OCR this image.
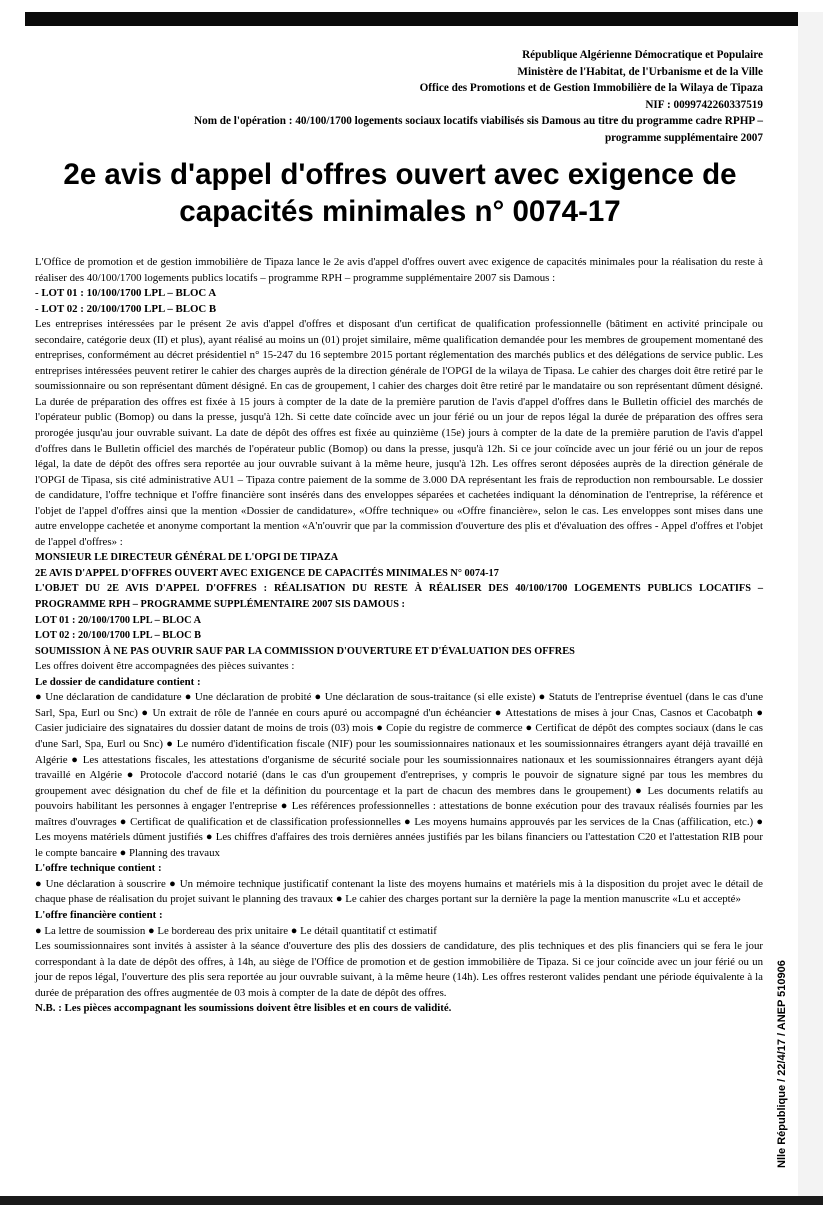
République Algérienne Démocratique et Populaire
Ministère de l'Habitat, de l'Urbanisme et de la Ville
Office des Promotions et de Gestion Immobilière de la Wilaya de Tipaza
NIF : 0099742260337519
Nom de l'opération : 40/100/1700 logements sociaux locatifs viabilisés sis Damous au titre du programme cadre RPHP – programme supplémentaire 2007
2e avis d'appel d'offres ouvert avec exigence de capacités minimales n° 0074-17

L'Office de promotion et de gestion immobilière de Tipaza lance le 2e avis d'appel d'offres ouvert avec exigence de capacités minimales pour la réalisation du reste à réaliser des 40/100/1700 logements publics locatifs – programme RPH – programme supplémentaire 2007 sis Damous :

- LOT 01 : 10/100/1700 LPL – BLOC A

- LOT 02 : 20/100/1700 LPL – BLOC B

Les entreprises intéressées par le présent 2e avis d'appel d'offres et disposant d'un certificat de qualification professionnelle (bâtiment en activité principale ou secondaire, catégorie deux (II) et plus), ayant réalisé au moins un (01) projet similaire, même qualification demandée pour les membres de groupement momentané des entreprises, conformément au décret présidentiel n° 15-247 du 16 septembre 2015 portant réglementation des marchés publics et des délégations de service public. Les entreprises intéressées peuvent retirer le cahier des charges auprès de la direction générale de l'OPGI de la wilaya de Tipasa. Le cahier des charges doit être retiré par le soumissionnaire ou son représentant dûment désigné. En cas de groupement, l cahier des charges doit être retiré par le mandataire ou son représentant dûment désigné. La durée de préparation des offres est fixée à 15 jours à compter de la date de la première parution de l'avis d'appel d'offres dans le Bulletin officiel des marchés de l'opérateur public (Bomop) ou dans la presse, jusqu'à 12h. Si cette date coïncide avec un jour férié ou un jour de repos légal la durée de préparation des offres sera prorogée jusqu'au jour ouvrable suivant. La date de dépôt des offres est fixée au quinzième (15e) jours à compter de la date de la première parution de l'avis d'appel d'offres dans le Bulletin officiel des marchés de l'opérateur public (Bomop) ou dans la presse, jusqu'à 12h. Si ce jour coïncide avec un jour férié ou un jour de repos légal, la date de dépôt des offres sera reportée au jour ouvrable suivant à la même heure, jusqu'à 12h. Les offres seront déposées auprès de la direction générale de l'OPGI de Tipasa, sis cité administrative AU1 – Tipaza contre paiement de la somme de 3.000 DA représentant les frais de reproduction non remboursable. Le dossier de candidature, l'offre technique et l'offre financière sont insérés dans des enveloppes séparées et cachetées indiquant la dénomination de l'entreprise, la référence et l'objet de l'appel d'offres ainsi que la mention «Dossier de candidature», «Offre technique» ou «Offre financière», selon le cas. Les enveloppes sont mises dans une autre enveloppe cachetée et anonyme comportant la mention «A'n'ouvrir que par la commission d'ouverture des plis et d'évaluation des offres - Appel d'offres et l'objet de l'appel d'offres» :

MONSIEUR LE DIRECTEUR GÉNÉRAL DE L'OPGI DE TIPAZA

2E AVIS D'APPEL D'OFFRES OUVERT AVEC EXIGENCE DE CAPACITÉS MINIMALES N° 0074-17

L'OBJET DU 2E AVIS D'APPEL D'OFFRES : RÉALISATION DU RESTE À RÉALISER DES 40/100/1700 LOGEMENTS PUBLICS LOCATIFS – PROGRAMME RPH – PROGRAMME SUPPLÉMENTAIRE 2007 SIS DAMOUS :

LOT 01 : 20/100/1700 LPL – BLOC A

LOT 02 : 20/100/1700 LPL – BLOC B

SOUMISSION À NE PAS OUVRIR SAUF PAR LA COMMISSION D'OUVERTURE ET D'ÉVALUATION DES OFFRES

Les offres doivent être accompagnées des pièces suivantes :

Le dossier de candidature contient :

● Une déclaration de candidature ● Une déclaration de probité ● Une déclaration de sous-traitance (si elle existe) ● Statuts de l'entreprise éventuel (dans le cas d'une Sarl, Spa, Eurl ou Snc) ● Un extrait de rôle de l'année en cours apuré ou accompagné d'un échéancier ● Attestations de mises à jour Cnas, Casnos et Cacobatph ● Casier judiciaire des signataires du dossier datant de moins de trois (03) mois ● Copie du registre de commerce ● Certificat de dépôt des comptes sociaux (dans le cas d'une Sarl, Spa, Eurl ou Snc) ● Le numéro d'identification fiscale (NIF) pour les soumissionnaires nationaux et les soumissionnaires étrangers ayant déjà travaillé en Algérie ● Les attestations fiscales, les attestations d'organisme de sécurité sociale pour les soumissionnaires nationaux et les soumissionnaires étrangers ayant déjà travaillé en Algérie ● Protocole d'accord notarié (dans le cas d'un groupement d'entreprises, y compris le pouvoir de signature signé par tous les membres du groupement avec désignation du chef de file et la définition du pourcentage et la part de chacun des membres dans le groupement) ● Les documents relatifs au pouvoirs habilitant les personnes à engager l'entreprise ● Les références professionnelles : attestations de bonne exécution pour des travaux réalisés fournies par les maîtres d'ouvrages ● Certificat de qualification et de classification professionnelles ● Les moyens humains approuvés par les services de la Cnas (affilication, etc.) ● Les moyens matériels dûment justifiés ● Les chiffres d'affaires des trois dernières années justifiés par les bilans financiers ou l'attestation C20 et l'attestation RIB pour le compte bancaire ● Planning des travaux

L'offre technique contient :

● Une déclaration à souscrire ● Un mémoire technique justificatif contenant la liste des moyens humains et matériels mis à la disposition du projet avec le détail de chaque phase de réalisation du projet suivant le planning des travaux ● Le cahier des charges portant sur la dernière la page la mention manuscrite «Lu et accepté»

L'offre financière contient :

● La lettre de soumission ● Le bordereau des prix unitaire ● Le détail quantitatif ct estimatif

Les soumissionnaires sont invités à assister à la séance d'ouverture des plis des dossiers de candidature, des plis techniques et des plis financiers qui se fera le jour correspondant à la date de dépôt des offres, à 14h, au siège de l'Office de promotion et de gestion immobilière de Tipaza. Si ce jour coïncide avec un jour férié ou un jour de repos légal, l'ouverture des plis sera reportée au jour ouvrable suivant, à la même heure (14h). Les offres resteront valides pendant une période équivalente à la durée de préparation des offres augmentée de 03 mois à compter de la date de dépôt des offres.

N.B. : Les pièces accompagnant les soumissions doivent être lisibles et en cours de validité.	Nlle République / 22/4/17 / ANEP 510906
